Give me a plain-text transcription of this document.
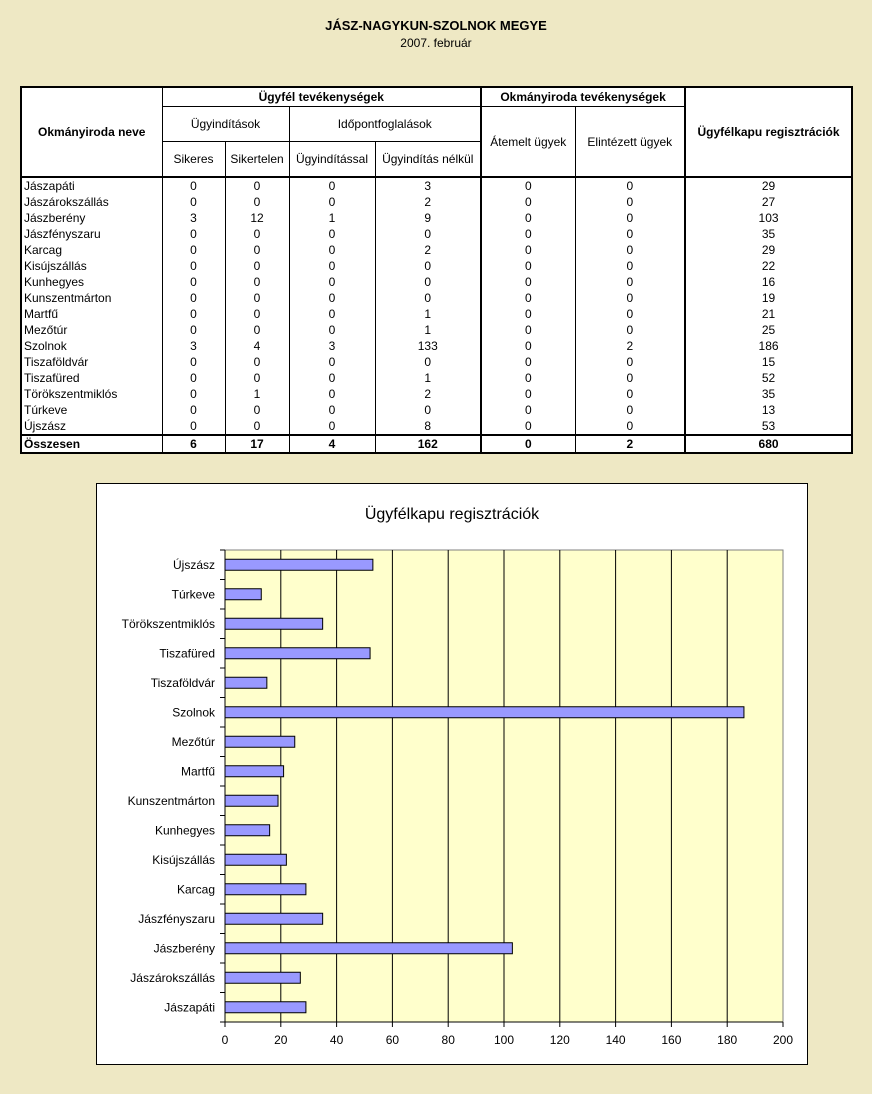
JÁSZ-NAGYKUN-SZOLNOK MEGYE
2007. február
Okmányiroda neve	Ügyfél tevékenységek				Okmányiroda tevékenységek		Ügyfélkapu regisztrációk
	Ügyindítások		Időpontfoglalások		Átemelt ügyek	Elintézett ügyek	
	Sikeres	Sikertelen	Ügyindítással	Ügyindítás nélkül			
Jászapáti	0	0	0	3	0	0	29
Jászárokszállás	0	0	0	2	0	0	27
Jászberény	3	12	1	9	0	0	103
Jászfényszaru	0	0	0	0	0	0	35
Karcag	0	0	0	2	0	0	29
Kisújszállás	0	0	0	0	0	0	22
Kunhegyes	0	0	0	0	0	0	16
Kunszentmárton	0	0	0	0	0	0	19
Martfű	0	0	0	1	0	0	21
Mezőtúr	0	0	0	1	0	0	25
Szolnok	3	4	3	133	0	2	186
Tiszaföldvár	0	0	0	0	0	0	15
Tiszafüred	0	0	0	1	0	0	52
Törökszentmiklós	0	1	0	2	0	0	35
Túrkeve	0	0	0	0	0	0	13
Újszász	0	0	0	8	0	0	53
Összesen	6	17	4	162	0	2	680
Ügyfélkapu regisztrációk
0	20	40	60	80	100	120	140	160	180	200
Újszász
Túrkeve
Törökszentmiklós
Tiszafüred
Tiszaföldvár
Szolnok
Mezőtúr
Martfű
Kunszentmárton
Kunhegyes
Kisújszállás
Karcag
Jászfényszaru
Jászberény
Jászárokszállás
Jászapáti
